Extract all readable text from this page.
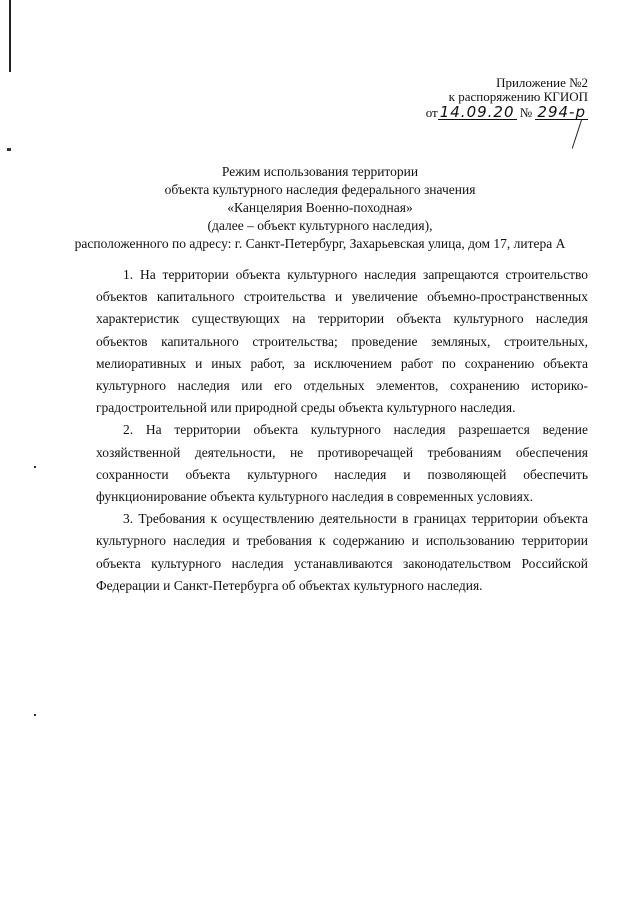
Приложение №2
к распоряжению КГИОП
от 14.09.20 № 294-р
Режим использования территории
объекта культурного наследия федерального значения
«Канцелярия Военно-походная»
(далее – объект культурного наследия),
расположенного по адресу: г. Санкт-Петербург, Захарьевская улица, дом 17, литера А

1. На территории объекта культурного наследия запрещаются строительство объектов капитального строительства и увеличение объемно-пространственных характеристик существующих на территории объекта культурного наследия объектов капитального строительства; проведение земляных, строительных, мелиоративных и иных работ, за исключением работ по сохранению объекта культурного наследия или его отдельных элементов, сохранению историко-градостроительной или природной среды объекта культурного наследия.

2. На территории объекта культурного наследия разрешается ведение хозяйственной деятельности, не противоречащей требованиям обеспечения сохранности объекта культурного наследия и позволяющей обеспечить функционирование объекта культурного наследия в современных условиях.

3. Требования к осуществлению деятельности в границах территории объекта культурного наследия и требования к содержанию и использованию территории объекта культурного наследия устанавливаются законодательством Российской Федерации и Санкт-Петербурга об объектах культурного наследия.
